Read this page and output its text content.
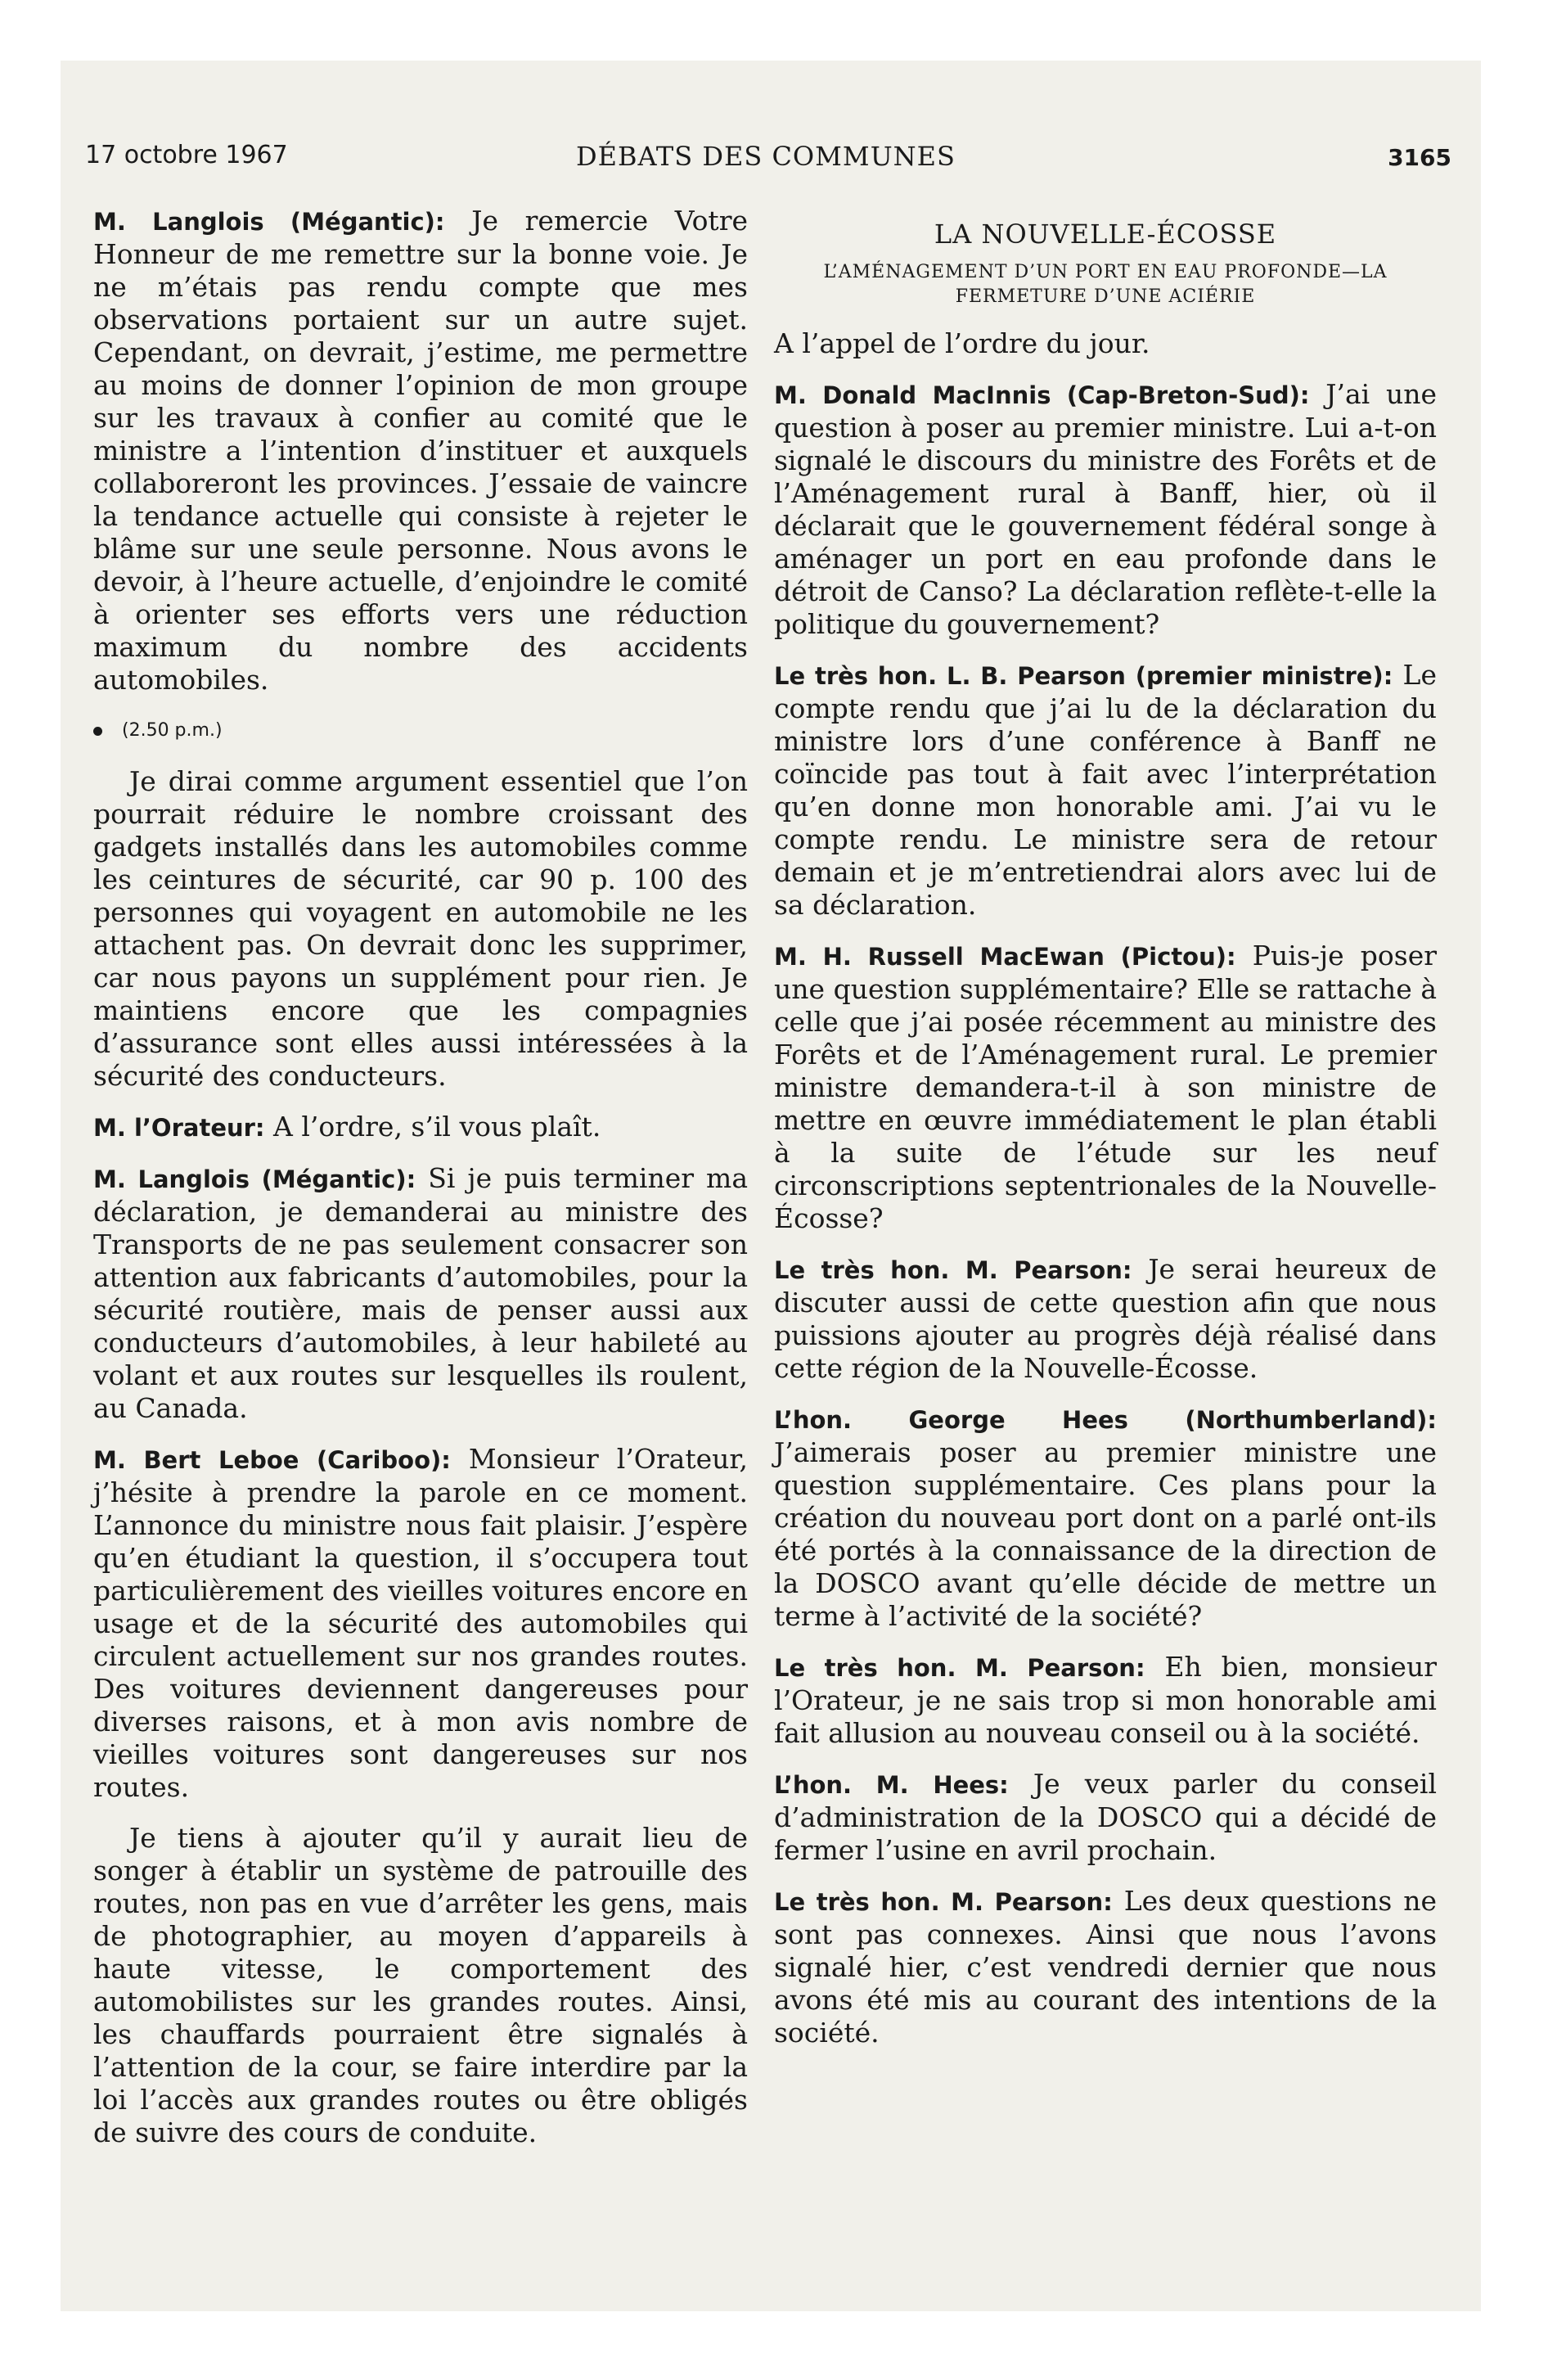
17 octobre 1967	DÉBATS DES COMMUNES	3165

M. Langlois (Mégantic): Je remercie Votre Honneur de me remettre sur la bonne voie. Je ne m’étais pas rendu compte que mes observations portaient sur un autre sujet. Cependant, on devrait, j’estime, me permettre au moins de donner l’opinion de mon groupe sur les travaux à confier au comité que le ministre a l’intention d’instituer et auxquels collaboreront les provinces. J’essaie de vaincre la tendance actuelle qui consiste à rejeter le blâme sur une seule personne. Nous avons le devoir, à l’heure actuelle, d’enjoindre le comité à orienter ses efforts vers une réduction maximum du nombre des accidents automobiles.

(2.50 p.m.)

Je dirai comme argument essentiel que l’on pourrait réduire le nombre croissant des gadgets installés dans les automobiles comme les ceintures de sécurité, car 90 p. 100 des personnes qui voyagent en automobile ne les attachent pas. On devrait donc les supprimer, car nous payons un supplément pour rien. Je maintiens encore que les compagnies d’assurance sont elles aussi intéressées à la sécurité des conducteurs.

M. l’Orateur: A l’ordre, s’il vous plaît.

M. Langlois (Mégantic): Si je puis terminer ma déclaration, je demanderai au ministre des Transports de ne pas seulement consacrer son attention aux fabricants d’automobiles, pour la sécurité routière, mais de penser aussi aux conducteurs d’automobiles, à leur habileté au volant et aux routes sur lesquelles ils roulent, au Canada.

M. Bert Leboe (Cariboo): Monsieur l’Orateur, j’hésite à prendre la parole en ce moment. L’annonce du ministre nous fait plaisir. J’espère qu’en étudiant la question, il s’occupera tout particulièrement des vieilles voitures encore en usage et de la sécurité des automobiles qui circulent actuellement sur nos grandes routes. Des voitures deviennent dangereuses pour diverses raisons, et à mon avis nombre de vieilles voitures sont dangereuses sur nos routes.

Je tiens à ajouter qu’il y aurait lieu de songer à établir un système de patrouille des routes, non pas en vue d’arrêter les gens, mais de photographier, au moyen d’appareils à haute vitesse, le comportement des automobilistes sur les grandes routes. Ainsi, les chauffards pourraient être signalés à l’attention de la cour, se faire interdire par la loi l’accès aux grandes routes ou être obligés de suivre des cours de conduite.

LA NOUVELLE-ÉCOSSE
L’AMÉNAGEMENT D’UN PORT EN EAU PROFONDE—LA FERMETURE D’UNE ACIÉRIE

A l’appel de l’ordre du jour.

M. Donald MacInnis (Cap-Breton-Sud): J’ai une question à poser au premier ministre. Lui a-t-on signalé le discours du ministre des Forêts et de l’Aménagement rural à Banff, hier, où il déclarait que le gouvernement fédéral songe à aménager un port en eau profonde dans le détroit de Canso? La déclaration reflète-t-elle la politique du gouvernement?

Le très hon. L. B. Pearson (premier ministre): Le compte rendu que j’ai lu de la déclaration du ministre lors d’une conférence à Banff ne coïncide pas tout à fait avec l’interprétation qu’en donne mon honorable ami. J’ai vu le compte rendu. Le ministre sera de retour demain et je m’entretiendrai alors avec lui de sa déclaration.

M. H. Russell MacEwan (Pictou): Puis-je poser une question supplémentaire? Elle se rattache à celle que j’ai posée récemment au ministre des Forêts et de l’Aménagement rural. Le premier ministre demandera-t-il à son ministre de mettre en œuvre immédiatement le plan établi à la suite de l’étude sur les neuf circonscriptions septentrionales de la Nouvelle-Écosse?

Le très hon. M. Pearson: Je serai heureux de discuter aussi de cette question afin que nous puissions ajouter au progrès déjà réalisé dans cette région de la Nouvelle-Écosse.

L’hon. George Hees (Northumberland): J’aimerais poser au premier ministre une question supplémentaire. Ces plans pour la création du nouveau port dont on a parlé ont-ils été portés à la connaissance de la direction de la DOSCO avant qu’elle décide de mettre un terme à l’activité de la société?

Le très hon. M. Pearson: Eh bien, monsieur l’Orateur, je ne sais trop si mon honorable ami fait allusion au nouveau conseil ou à la société.

L’hon. M. Hees: Je veux parler du conseil d’administration de la DOSCO qui a décidé de fermer l’usine en avril prochain.

Le très hon. M. Pearson: Les deux questions ne sont pas connexes. Ainsi que nous l’avons signalé hier, c’est vendredi dernier que nous avons été mis au courant des intentions de la société.
